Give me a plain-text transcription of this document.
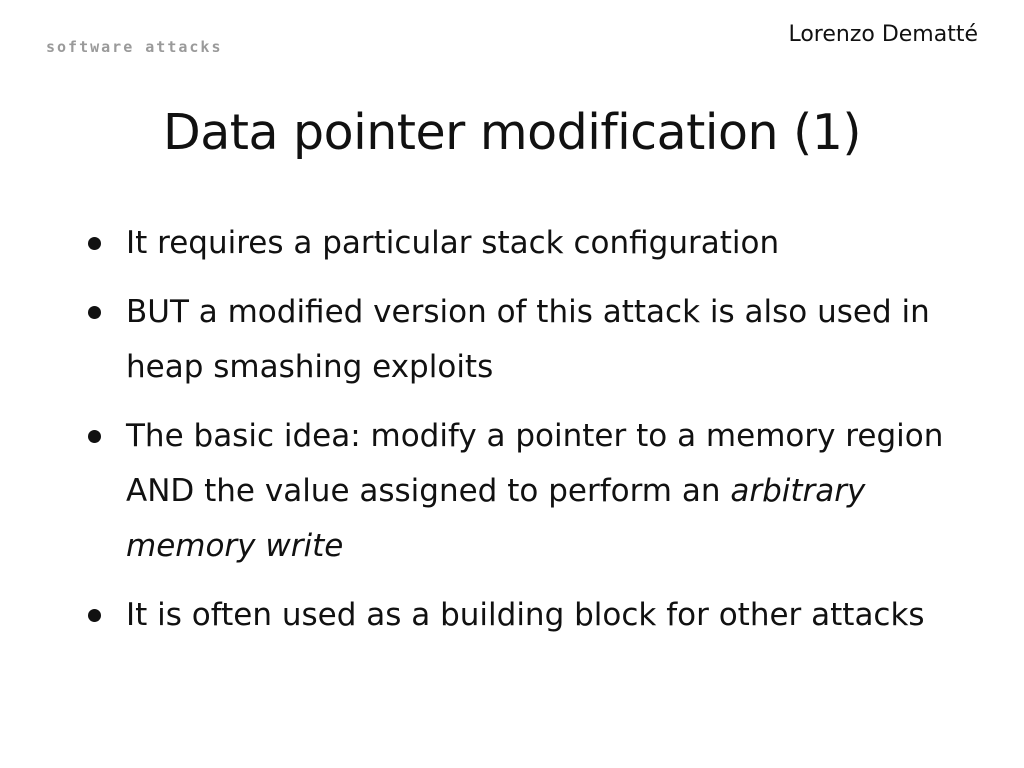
software attacks	Lorenzo Dematté
Data pointer modification (1)
It requires a particular stack configuration
BUT a modified version of this attack is also used in heap smashing exploits
The basic idea: modify a pointer to a memory region AND the value assigned to perform an arbitrary memory write
It is often used as a building block for other attacks
